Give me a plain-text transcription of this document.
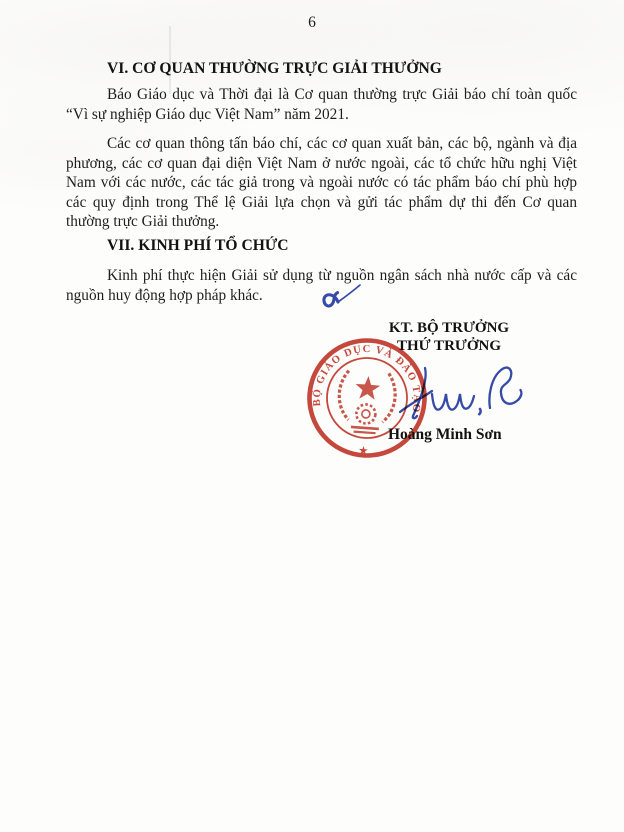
6
VI. CƠ QUAN THƯỜNG TRỰC GIẢI THƯỞNG
Báo Giáo dục và Thời đại là Cơ quan thường trực Giải báo chí toàn quốc
“Vì sự nghiệp Giáo dục Việt Nam” năm 2021.
Các cơ quan thông tấn báo chí, các cơ quan xuất bản, các bộ, ngành và địa
phương, các cơ quan đại diện Việt Nam ở nước ngoài, các tổ chức hữu nghị Việt
Nam với các nước, các tác giả trong và ngoài nước có tác phẩm báo chí phù hợp
các quy định trong Thể lệ Giải lựa chọn và gửi tác phẩm dự thi đến Cơ quan
thường trực Giải thưởng.
VII. KINH PHÍ TỔ CHỨC
Kinh phí thực hiện Giải sử dụng từ nguồn ngân sách nhà nước cấp và các
nguồn huy động hợp pháp khác.
KT. BỘ TRƯỞNG
THỨ TRƯỞNG
BỘ GIÁO DỤC VÀ ĐÀO TẠO
★
Hoàng Minh Sơn
